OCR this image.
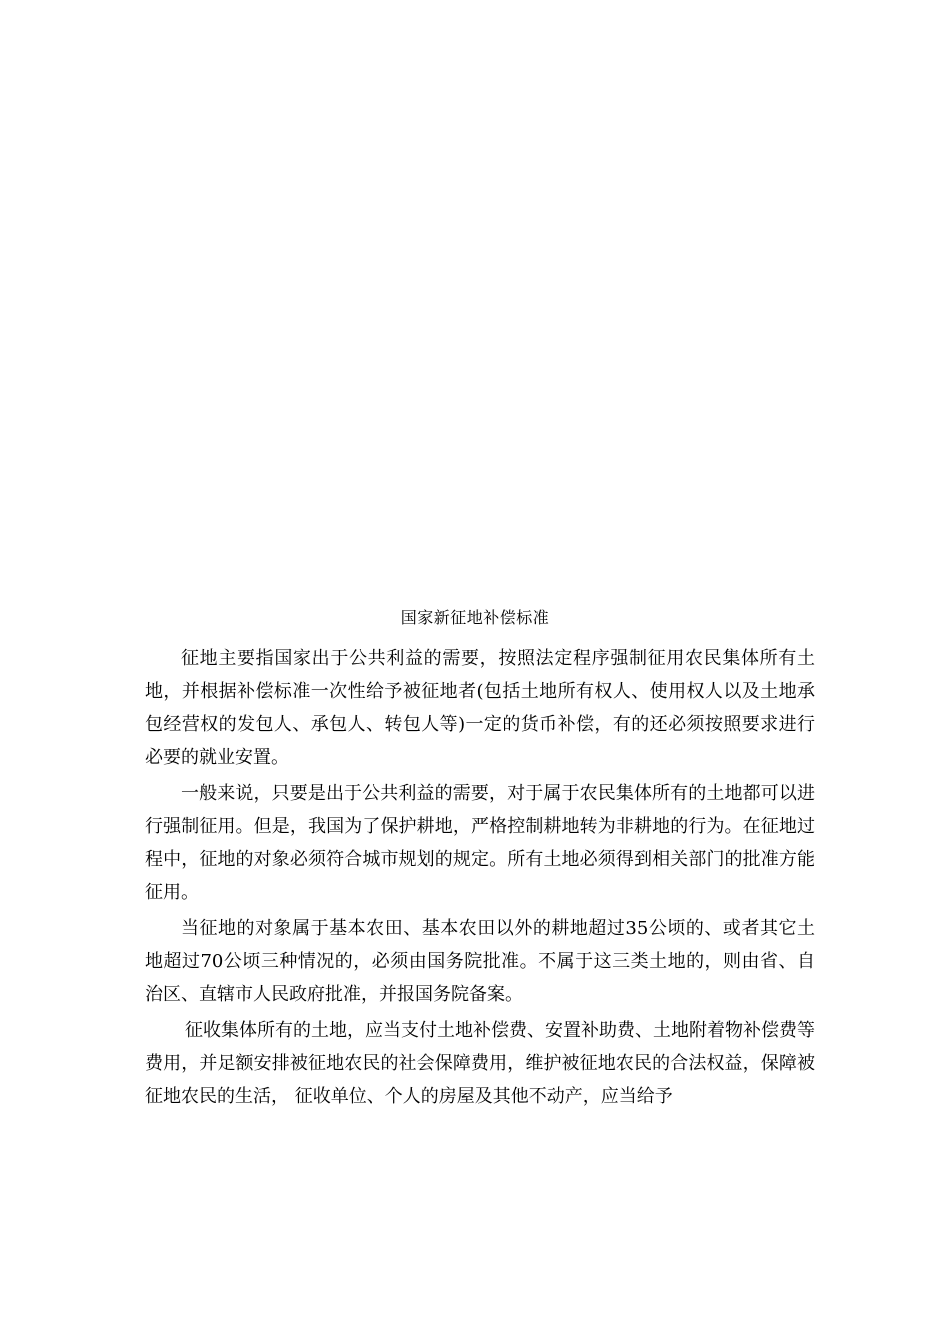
国家新征地补偿标准

征地主要指国家出于公共利益的需要，按照法定程序强制征用农民集体所有土地，并根据补偿标准一次性给予被征地者(包括土地所有权人、使用权人以及土地承包经营权的发包人、承包人、转包人等)一定的货币补偿，有的还必须按照要求进行必要的就业安置。

一般来说，只要是出于公共利益的需要，对于属于农民集体所有的土地都可以进行强制征用。但是，我国为了保护耕地，严格控制耕地转为非耕地的行为。在征地过程中，征地的对象必须符合城市规划的规定。所有土地必须得到相关部门的批准方能征用。

当征地的对象属于基本农田、基本农田以外的耕地超过35公顷的、或者其它土地超过70公顷三种情况的，必须由国务院批准。不属于这三类土地的，则由省、自治区、直辖市人民政府批准，并报国务院备案。

征收集体所有的土地，应当支付土地补偿费、安置补助费、土地附着物补偿费等费用，并足额安排被征地农民的社会保障费用，维护被征地农民的合法权益，保障被征地农民的生活， 征收单位、个人的房屋及其他不动产，应当给予
